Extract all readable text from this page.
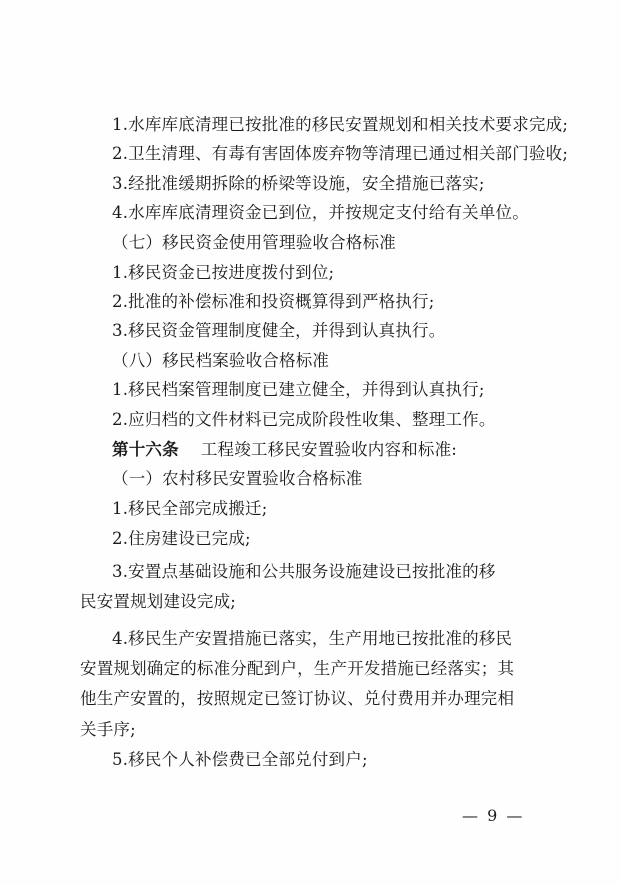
1.水库库底清理已按批准的移民安置规划和相关技术要求完成;
2.卫生清理、有毒有害固体废弃物等清理已通过相关部门验收;
3.经批准缓期拆除的桥梁等设施，安全措施已落实;
4.水库库底清理资金已到位，并按规定支付给有关单位。
（七）移民资金使用管理验收合格标准
1.移民资金已按进度拨付到位;
2.批准的补偿标准和投资概算得到严格执行;
3.移民资金管理制度健全，并得到认真执行。
（八）移民档案验收合格标准
1.移民档案管理制度已建立健全，并得到认真执行;
2.应归档的文件材料已完成阶段性收集、整理工作。
第十六条 工程竣工移民安置验收内容和标准:
（一）农村移民安置验收合格标准
1.移民全部完成搬迁;
2.住房建设已完成;
3.安置点基础设施和公共服务设施建设已按批准的移
民安置规划建设完成;
4.移民生产安置措施已落实，生产用地已按批准的移民
安置规划确定的标准分配到户，生产开发措施已经落实；其
他生产安置的，按照规定已签订协议、兑付费用并办理完相
关手序;
5.移民个人补偿费已全部兑付到户;
— 9 —
